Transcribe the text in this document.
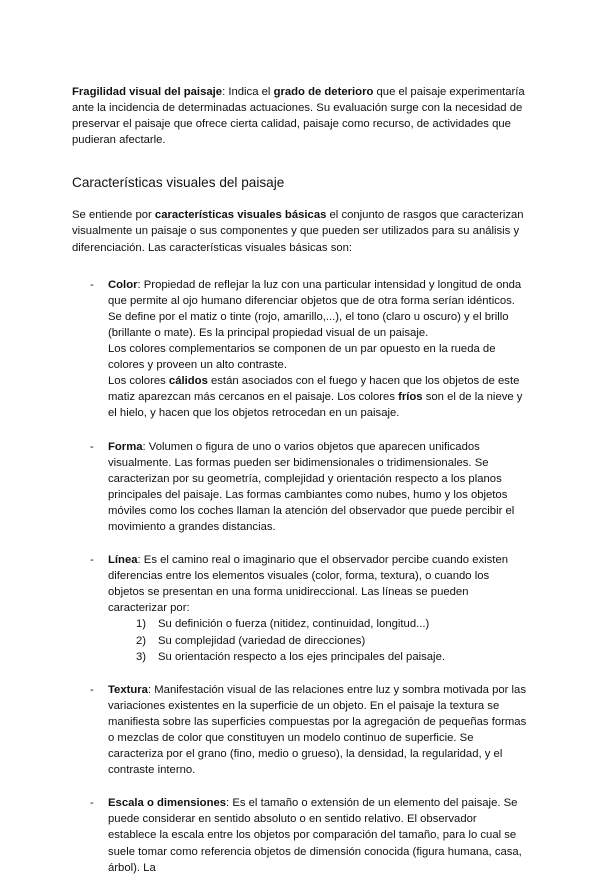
Fragilidad visual del paisaje: Indica el grado de deterioro que el paisaje experimentaría ante la incidencia de determinadas actuaciones. Su evaluación surge con la necesidad de preservar el paisaje que ofrece cierta calidad, paisaje como recurso, de actividades que pudieran afectarle.

Características visuales del paisaje

Se entiende por características visuales básicas el conjunto de rasgos que caracterizan visualmente un paisaje o sus componentes y que pueden ser utilizados para su análisis y diferenciación. Las características visuales básicas son:

- Color: Propiedad de reflejar la luz con una particular intensidad y longitud de onda que permite al ojo humano diferenciar objetos que de otra forma serían idénticos. Se define por el matiz o tinte (rojo, amarillo,...), el tono (claro u oscuro) y el brillo (brillante o mate). Es la principal propiedad visual de un paisaje.

Los colores complementarios se componen de un par opuesto en la rueda de colores y proveen un alto contraste.

Los colores cálidos están asociados con el fuego y hacen que los objetos de este matiz aparezcan más cercanos en el paisaje. Los colores fríos son el de la nieve y el hielo, y hacen que los objetos retrocedan en un paisaje.

- Forma: Volumen o figura de uno o varios objetos que aparecen unificados visualmente. Las formas pueden ser bidimensionales o tridimensionales. Se caracterizan por su geometría, complejidad y orientación respecto a los planos principales del paisaje. Las formas cambiantes como nubes, humo y los objetos móviles como los coches llaman la atención del observador que puede percibir el movimiento a grandes distancias.

- Línea: Es el camino real o imaginario que el observador percibe cuando existen diferencias entre los elementos visuales (color, forma, textura), o cuando los objetos se presentan en una forma unidireccional. Las líneas se pueden caracterizar por:

1) Su definición o fuerza (nitidez, continuidad, longitud...)
2) Su complejidad (variedad de direcciones)
3) Su orientación respecto a los ejes principales del paisaje.
- Textura: Manifestación visual de las relaciones entre luz y sombra motivada por las variaciones existentes en la superficie de un objeto. En el paisaje la textura se manifiesta sobre las superficies compuestas por la agregación de pequeñas formas o mezclas de color que constituyen un modelo continuo de superficie. Se caracteriza por el grano (fino, medio o grueso), la densidad, la regularidad, y el contraste interno.

- Escala o dimensiones: Es el tamaño o extensión de un elemento del paisaje. Se puede considerar en sentido absoluto o en sentido relativo. El observador establece la escala entre los objetos por comparación del tamaño, para lo cual se suele tomar como referencia objetos de dimensión conocida (figura humana, casa, árbol). La
